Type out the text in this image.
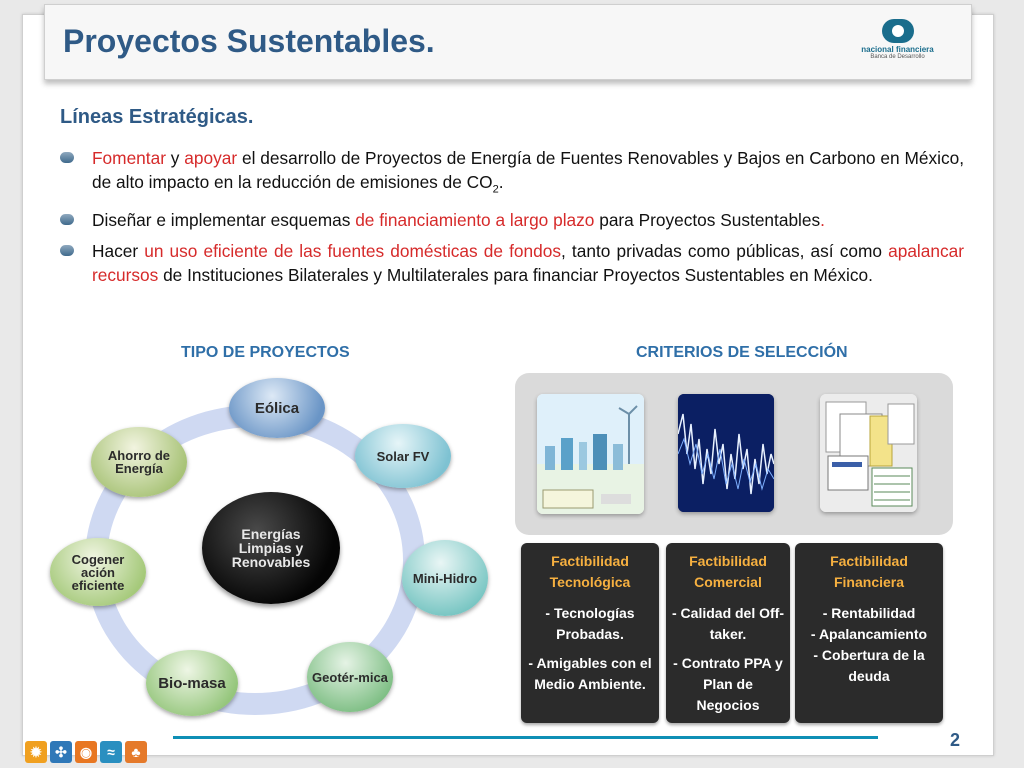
Proyectos Sustentables.	nacional financiera
Banca de Desarrollo
Líneas Estratégicas.
Fomentar y apoyar el desarrollo de Proyectos de Energía de Fuentes Renovables y Bajos en Carbono en México, de alto impacto en la reducción de emisiones de $CO_2$.
Diseñar e implementar esquemas de financiamiento a largo plazo para Proyectos Sustentables.
Hacer un uso eficiente de las fuentes domésticas de fondos, tanto privadas como públicas, así como apalancar recursos de Instituciones Bilaterales y Multilaterales para financiar Proyectos Sustentables en México.
TIPO DE PROYECTOS	CRITERIOS DE SELECCIÓN
Energías Limpias y Renovables
Eólica
Solar FV
Mini-Hidro
Geotér-mica
Bio-masa
Cogener ación eficiente
Ahorro de Energía
Factibilidad Tecnológica
- Tecnologías Probadas.
- Amigables con el Medio Ambiente.
Factibilidad Comercial
- Calidad del Off-taker.
- Contrato PPA y Plan de Negocios
Factibilidad Financiera
- Rentabilidad
- Apalancamiento
- Cobertura de la deuda
✹ ✣ ◉	≈	♣
2
